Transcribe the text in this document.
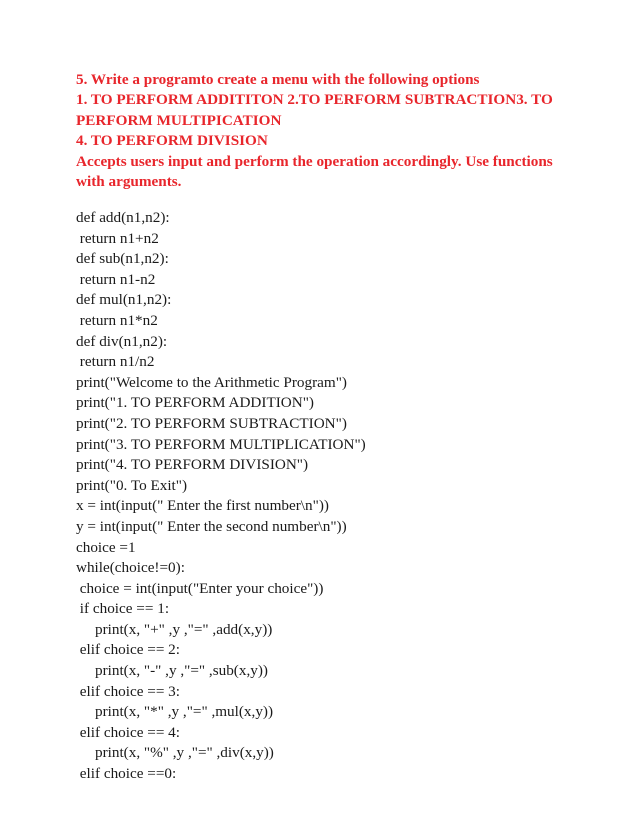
5. Write a programto create a menu with the following options
1. TO PERFORM ADDITITON 2.TO PERFORM SUBTRACTION3. TO
PERFORM MULTIPICATION
4. TO PERFORM DIVISION
Accepts users input and perform the operation accordingly. Use functions
with arguments.
def add(n1,n2):
return n1+n2
def sub(n1,n2):
return n1-n2
def mul(n1,n2):
return n1*n2
def div(n1,n2):
return n1/n2
print("Welcome to the Arithmetic Program")
print("1. TO PERFORM ADDITION")
print("2. TO PERFORM SUBTRACTION")
print("3. TO PERFORM MULTIPLICATION")
print("4. TO PERFORM DIVISION")
print("0. To Exit")
x = int(input(" Enter the first number\n"))
y = int(input(" Enter the second number\n"))
choice =1
while(choice!=0):
choice = int(input("Enter your choice"))
if choice == 1:
print(x, "+" ,y ,"=" ,add(x,y))
elif choice == 2:
print(x, "-" ,y ,"=" ,sub(x,y))
elif choice == 3:
print(x, "*" ,y ,"=" ,mul(x,y))
elif choice == 4:
print(x, "%" ,y ,"=" ,div(x,y))
elif choice ==0:
